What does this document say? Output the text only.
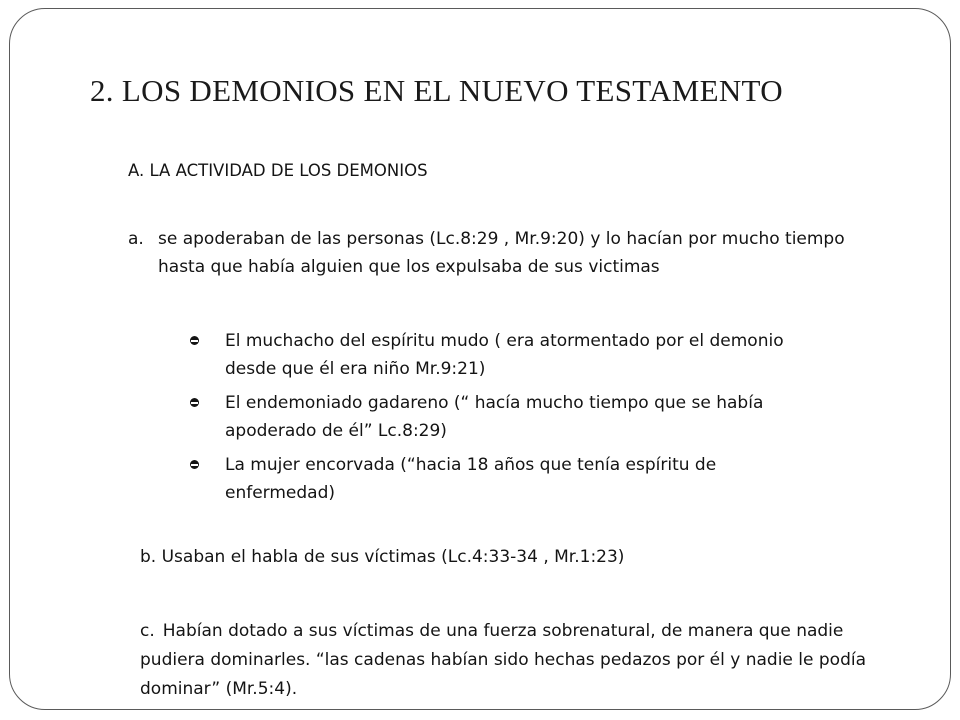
2. LOS DEMONIOS EN EL NUEVO TESTAMENTO
A. LA ACTIVIDAD DE LOS DEMONIOS
a. se apoderaban de las personas (Lc.8:29 , Mr.9:20) y lo hacían por mucho tiempo hasta que había alguien que los expulsaba de sus victimas
El muchacho del espíritu mudo ( era atormentado por el demonio desde que él era niño Mr.9:21)
El endemoniado gadareno (“ hacía mucho tiempo que se había apoderado de él” Lc.8:29)
La mujer encorvada (“hacia 18 años que tenía espíritu de enfermedad)
b. Usaban el habla de sus víctimas (Lc.4:33-34 , Mr.1:23)
c. Habían dotado a sus víctimas de una fuerza sobrenatural, de manera que nadie pudiera dominarles. “las cadenas habían sido hechas pedazos por él y nadie le podía dominar” (Mr.5:4).
